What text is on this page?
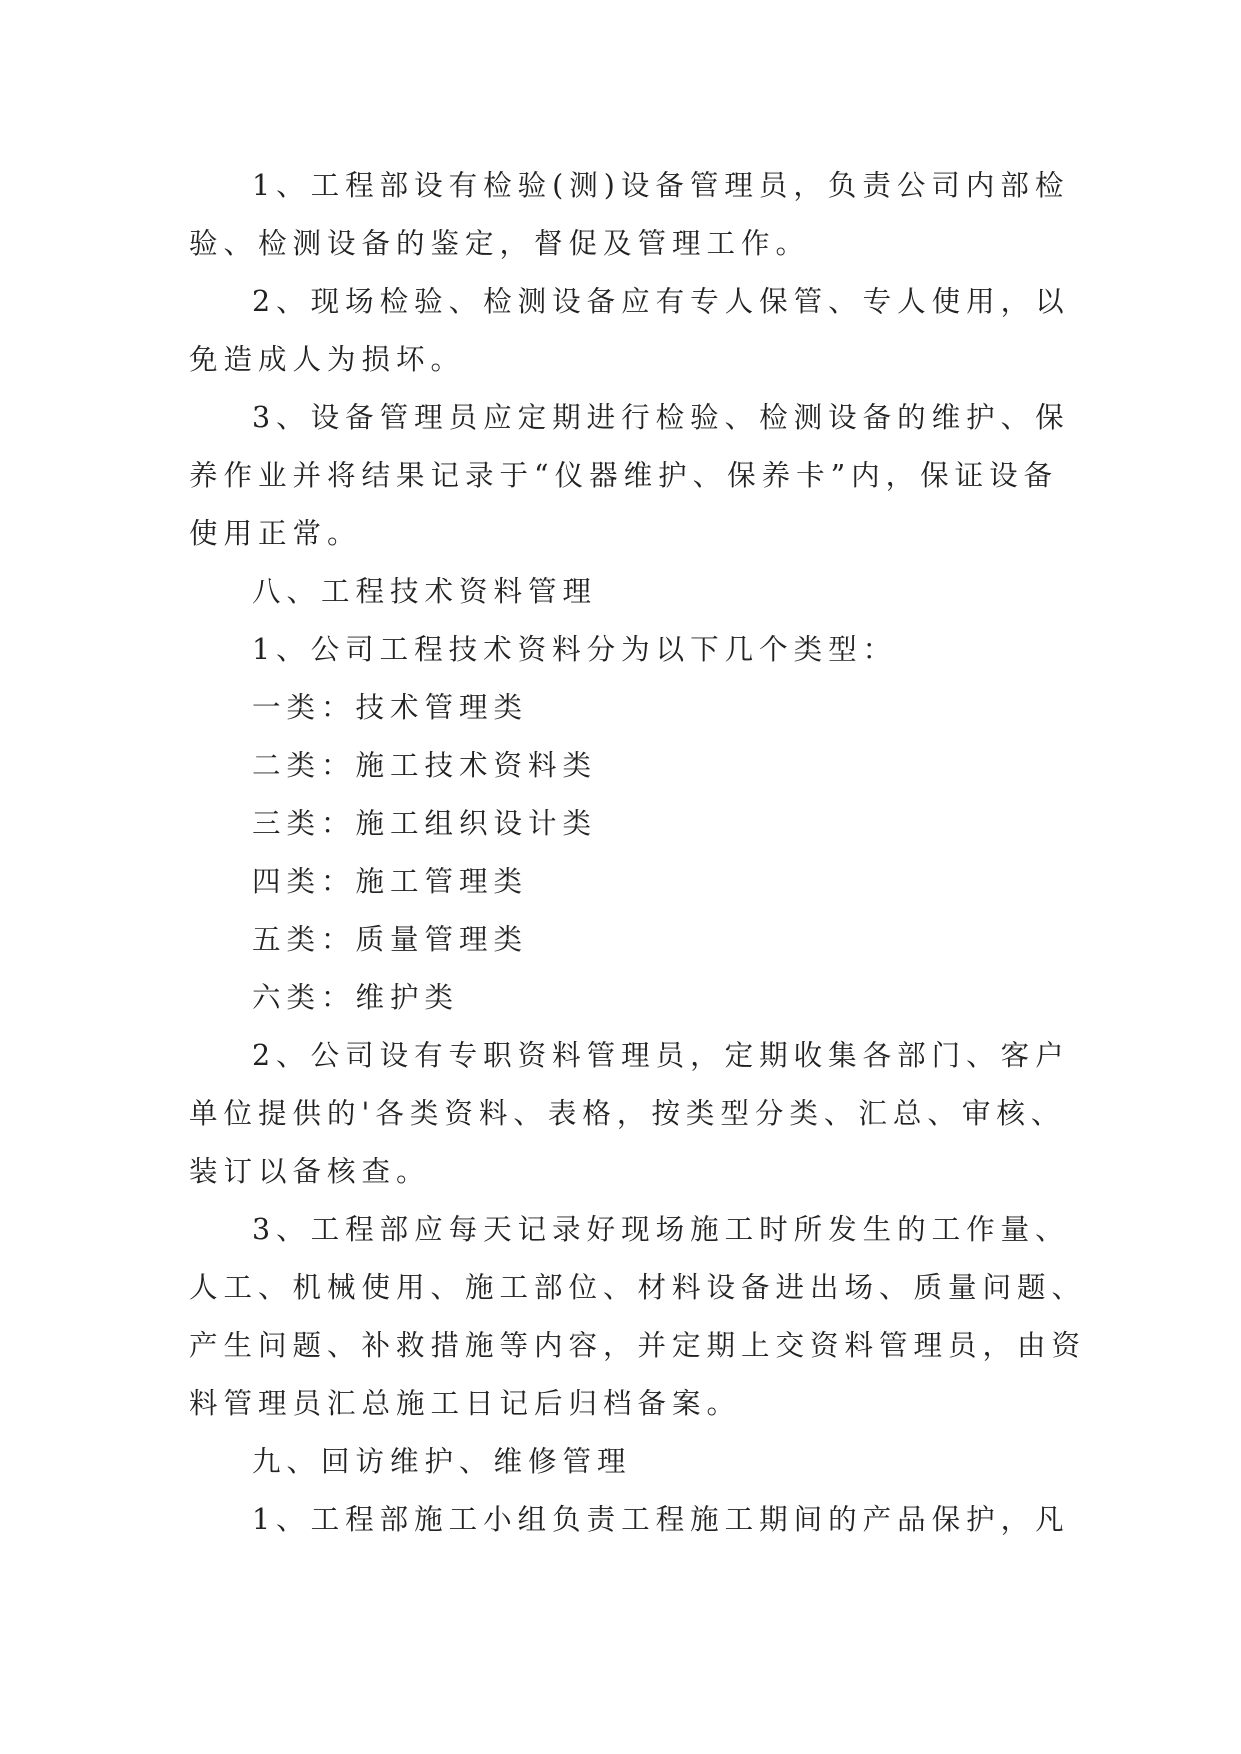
1、工程部设有检验(测)设备管理员，负责公司内部检
验、检测设备的鉴定，督促及管理工作。
2、现场检验、检测设备应有专人保管、专人使用，以
免造成人为损坏。
3、设备管理员应定期进行检验、检测设备的维护、保
养作业并将结果记录于“仪器维护、保养卡”内，保证设备
使用正常。
八、工程技术资料管理
1、公司工程技术资料分为以下几个类型：
一类：技术管理类
二类：施工技术资料类
三类：施工组织设计类
四类：施工管理类
五类：质量管理类
六类：维护类
2、公司设有专职资料管理员，定期收集各部门、客户
单位提供的'各类资料、表格，按类型分类、汇总、审核、
装订以备核查。
3、工程部应每天记录好现场施工时所发生的工作量、
人工、机械使用、施工部位、材料设备进出场、质量问题、
产生问题、补救措施等内容，并定期上交资料管理员，由资
料管理员汇总施工日记后归档备案。
九、回访维护、维修管理
1、工程部施工小组负责工程施工期间的产品保护，凡
